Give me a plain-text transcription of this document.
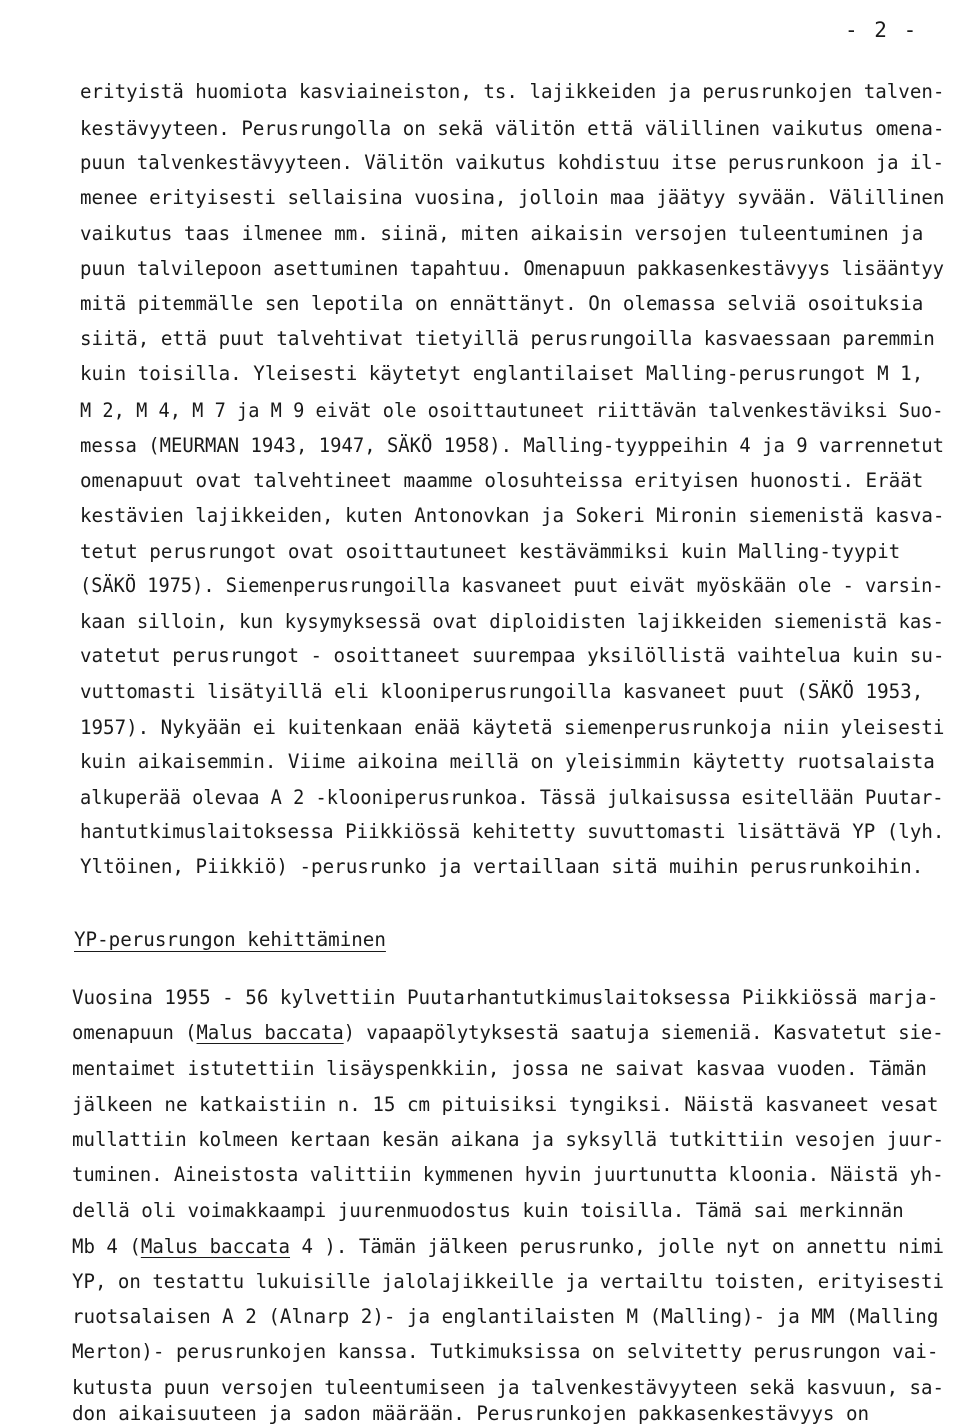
- 2 -
erityistä huomiota kasviaineiston, ts. lajikkeiden ja perusrunkojen talven-
kestävyyteen. Perusrungolla on sekä välitön että välillinen vaikutus omena-
puun talvenkestävyyteen. Välitön vaikutus kohdistuu itse perusrunkoon ja il-
menee erityisesti sellaisina vuosina, jolloin maa jäätyy syvään. Välillinen
vaikutus taas ilmenee mm. siinä, miten aikaisin versojen tuleentuminen ja
puun talvilepoon asettuminen tapahtuu. Omenapuun pakkasenkestävyys lisääntyy
mitä pitemmälle sen lepotila on ennättänyt. On olemassa selviä osoituksia
siitä, että puut talvehtivat tietyillä perusrungoilla kasvaessaan paremmin
kuin toisilla. Yleisesti käytetyt englantilaiset Malling-perusrungot M 1,
M 2, M 4, M 7 ja M 9 eivät ole osoittautuneet riittävän talvenkestäviksi Suo-
messa (MEURMAN 1943, 1947, SÄKÖ 1958). Malling-tyyppeihin 4 ja 9 varrennetut
omenapuut ovat talvehtineet maamme olosuhteissa erityisen huonosti. Eräät
kestävien lajikkeiden, kuten Antonovkan ja Sokeri Mironin siemenistä kasva-
tetut perusrungot ovat osoittautuneet kestävämmiksi kuin Malling-tyypit
(SÄKÖ 1975). Siemenperusrungoilla kasvaneet puut eivät myöskään ole - varsin-
kaan silloin, kun kysymyksessä ovat diploidisten lajikkeiden siemenistä kas-
vatetut perusrungot - osoittaneet suurempaa yksilöllistä vaihtelua kuin su-
vuttomasti lisätyillä eli klooniperusrungoilla kasvaneet puut (SÄKÖ 1953,
1957). Nykyään ei kuitenkaan enää käytetä siemenperusrunkoja niin yleisesti
kuin aikaisemmin. Viime aikoina meillä on yleisimmin käytetty ruotsalaista
alkuperää olevaa A 2 -klooniperusrunkoa. Tässä julkaisussa esitellään Puutar-
hantutkimuslaitoksessa Piikkiössä kehitetty suvuttomasti lisättävä YP (lyh.
Yltöinen, Piikkiö) -perusrunko ja vertaillaan sitä muihin perusrunkoihin.
YP-perusrungon kehittäminen
Vuosina 1955 - 56 kylvettiin Puutarhantutkimuslaitoksessa Piikkiössä marja-
omenapuun (Malus baccata) vapaapölytyksestä saatuja siemeniä. Kasvatetut sie-
mentaimet istutettiin lisäyspenkkiin, jossa ne saivat kasvaa vuoden. Tämän
jälkeen ne katkaistiin n. 15 cm pituisiksi tyngiksi. Näistä kasvaneet vesat
mullattiin kolmeen kertaan kesän aikana ja syksyllä tutkittiin vesojen juur-
tuminen. Aineistosta valittiin kymmenen hyvin juurtunutta kloonia. Näistä yh-
dellä oli voimakkaampi juurenmuodostus kuin toisilla. Tämä sai merkinnän
Mb 4 (Malus baccata 4 ). Tämän jälkeen perusrunko, jolle nyt on annettu nimi
YP, on testattu lukuisille jalolajikkeille ja vertailtu toisten, erityisesti
ruotsalaisen A 2 (Alnarp 2)- ja englantilaisten M (Malling)- ja MM (Malling
Merton)- perusrunkojen kanssa. Tutkimuksissa on selvitetty perusrungon vai-
kutusta puun versojen tuleentumiseen ja talvenkestävyyteen sekä kasvuun, sa-
don aikaisuuteen ja sadon määrään. Perusrunkojen pakkasenkestävyys on
